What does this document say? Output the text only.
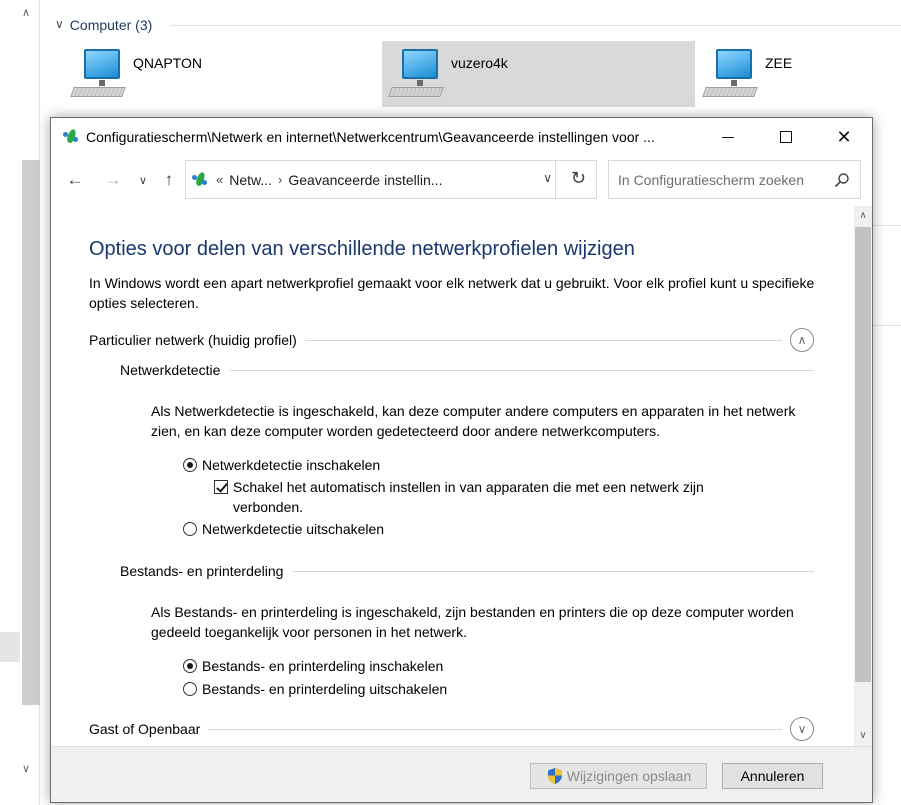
∧
∨
∨ Computer (3)
QNAPTON	vuzero4k	ZEE
Configuratiescherm\Netwerk en internet\Netwerkcentrum\Geavanceerde instellingen voor ...	✕
← → ∨ ↑	« Netw... › Geavanceerde instellin...	∨ ↻
In Configuratiescherm zoeken
Opties voor delen van verschillende netwerkprofielen wijzigen
In Windows wordt een apart netwerkprofiel gemaakt voor elk netwerk dat u gebruikt. Voor elk profiel kunt u specifieke opties selecteren.
Particulier netwerk (huidig profiel)	∧
Netwerkdetectie
Als Netwerkdetectie is ingeschakeld, kan deze computer andere computers en apparaten in het netwerk zien, en kan deze computer worden gedetecteerd door andere netwerkcomputers.
Netwerkdetectie inschakelen
Schakel het automatisch instellen in van apparaten die met een netwerk zijn verbonden.
Netwerkdetectie uitschakelen
Bestands- en printerdeling
Als Bestands- en printerdeling is ingeschakeld, zijn bestanden en printers die op deze computer worden gedeeld toegankelijk voor personen in het netwerk.
Bestands- en printerdeling inschakelen
Bestands- en printerdeling uitschakelen
Gast of Openbaar	∨
∧
∨
Wijzigingen opslaan	Annuleren
